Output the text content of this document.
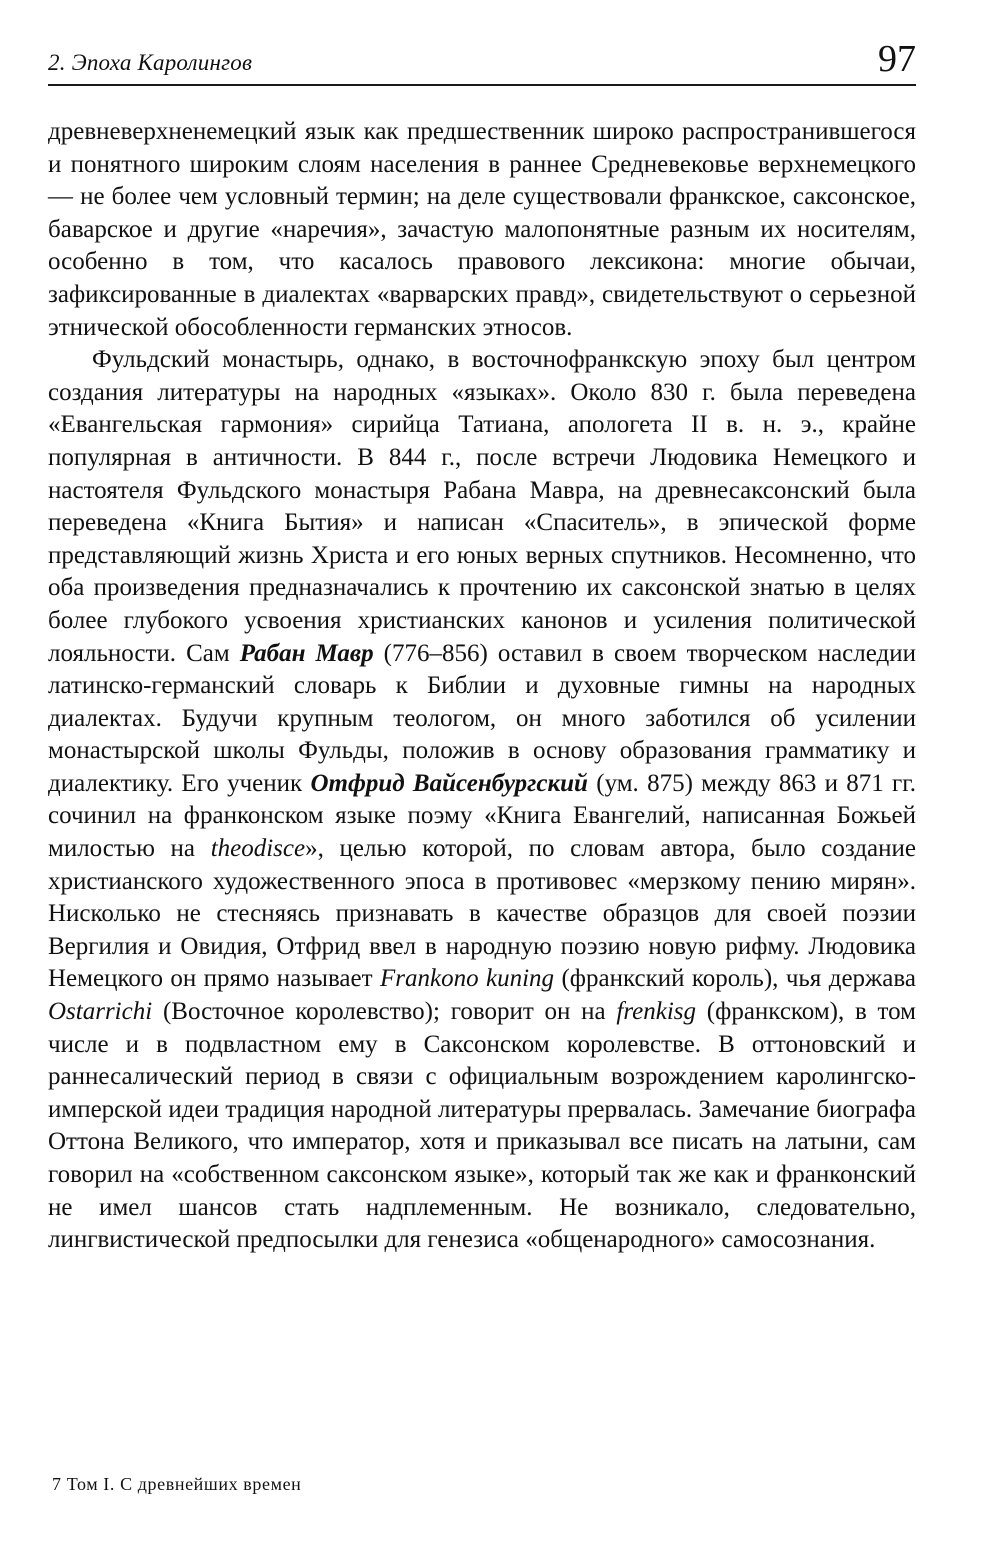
2. Эпоха Каролингов	97

древневерхненемецкий язык как предшественник широко распространившегося и понятного широким слоям населения в раннее Средневековье верхнемецкого — не более чем условный термин; на деле существовали франкское, саксонское, баварское и другие «наречия», зачастую малопонятные разным их носителям, особенно в том, что касалось правового лексикона: многие обычаи, зафиксированные в диалектах «варварских правд», свидетельствуют о серьезной этнической обособленности германских этносов.

Фульдский монастырь, однако, в восточнофранкскую эпоху был центром создания литературы на народных «языках». Около 830 г. была переведена «Евангельская гармония» сирийца Татиана, апологета II в. н. э., крайне популярная в античности. В 844 г., после встречи Людовика Немецкого и настоятеля Фульдского монастыря Рабана Мавра, на древнесаксонский была переведена «Книга Бытия» и написан «Спаситель», в эпической форме представляющий жизнь Христа и его юных верных спутников. Несомненно, что оба произведения предназначались к прочтению их саксонской знатью в целях более глубокого усвоения христианских канонов и усиления политической лояльности. Сам Рабан Мавр (776–856) оставил в своем творческом наследии латинско-германский словарь к Библии и духовные гимны на народных диалектах. Будучи крупным теологом, он много заботился об усилении монастырской школы Фульды, положив в основу образования грамматику и диалектику. Его ученик Отфрид Вайсенбургский (ум. 875) между 863 и 871 гг. сочинил на франконском языке поэму «Книга Евангелий, написанная Божьей милостью на theodisce», целью которой, по словам автора, было создание христианского художественного эпоса в противовес «мерзкому пению мирян». Нисколько не стесняясь признавать в качестве образцов для своей поэзии Вергилия и Овидия, Отфрид ввел в народную поэзию новую рифму. Людовика Немецкого он прямо называет Frankono kuning (франкский король), чья держава Ostarrichi (Восточное королевство); говорит он на frenkisg (франкском), в том числе и в подвластном ему в Саксонском королевстве. В оттоновский и раннесалический период в связи с официальным возрождением каролингско-имперской идеи традиция народной литературы прервалась. Замечание биографа Оттона Великого, что император, хотя и приказывал все писать на латыни, сам говорил на «собственном саксонском языке», который так же как и франконский не имел шансов стать надплеменным. Не возникало, следовательно, лингвистической предпосылки для генезиса «общенародного» самосознания.

7 Том I. С древнейших времен
